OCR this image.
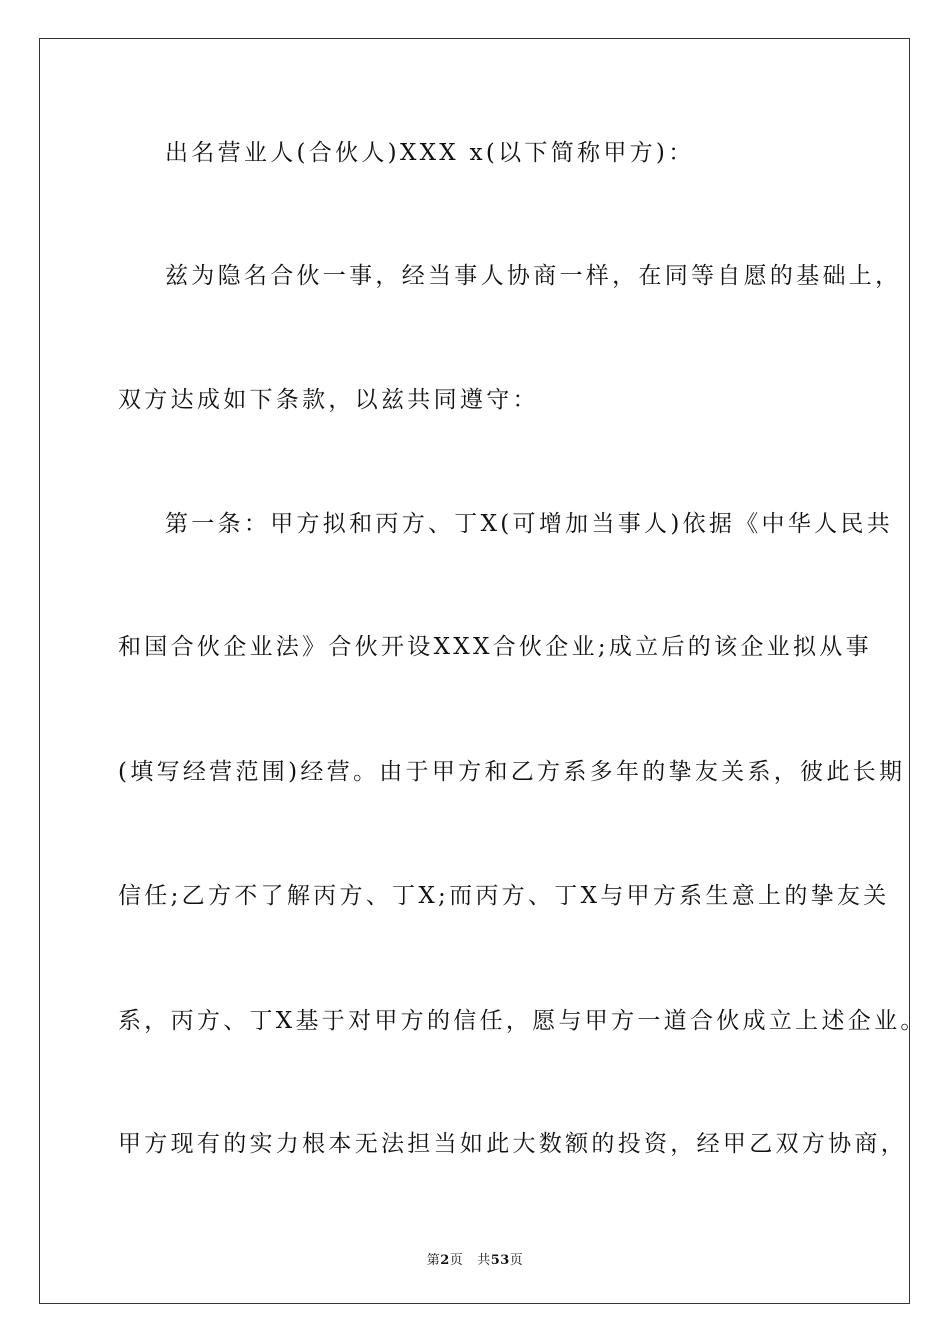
出名营业人(合伙人)XXX x(以下简称甲方)：
兹为隐名合伙一事，经当事人协商一样，在同等自愿的基础上，
双方达成如下条款，以兹共同遵守：
第一条：甲方拟和丙方、丁X(可增加当事人)依据《中华人民共
和国合伙企业法》合伙开设XXX合伙企业;成立后的该企业拟从事
(填写经营范围)经营。由于甲方和乙方系多年的挚友关系，彼此长期
信任;乙方不了解丙方、丁X;而丙方、丁X与甲方系生意上的挚友关
系，丙方、丁X基于对甲方的信任，愿与甲方一道合伙成立上述企业。
甲方现有的实力根本无法担当如此大数额的投资，经甲乙双方协商，
第2页 共53页
